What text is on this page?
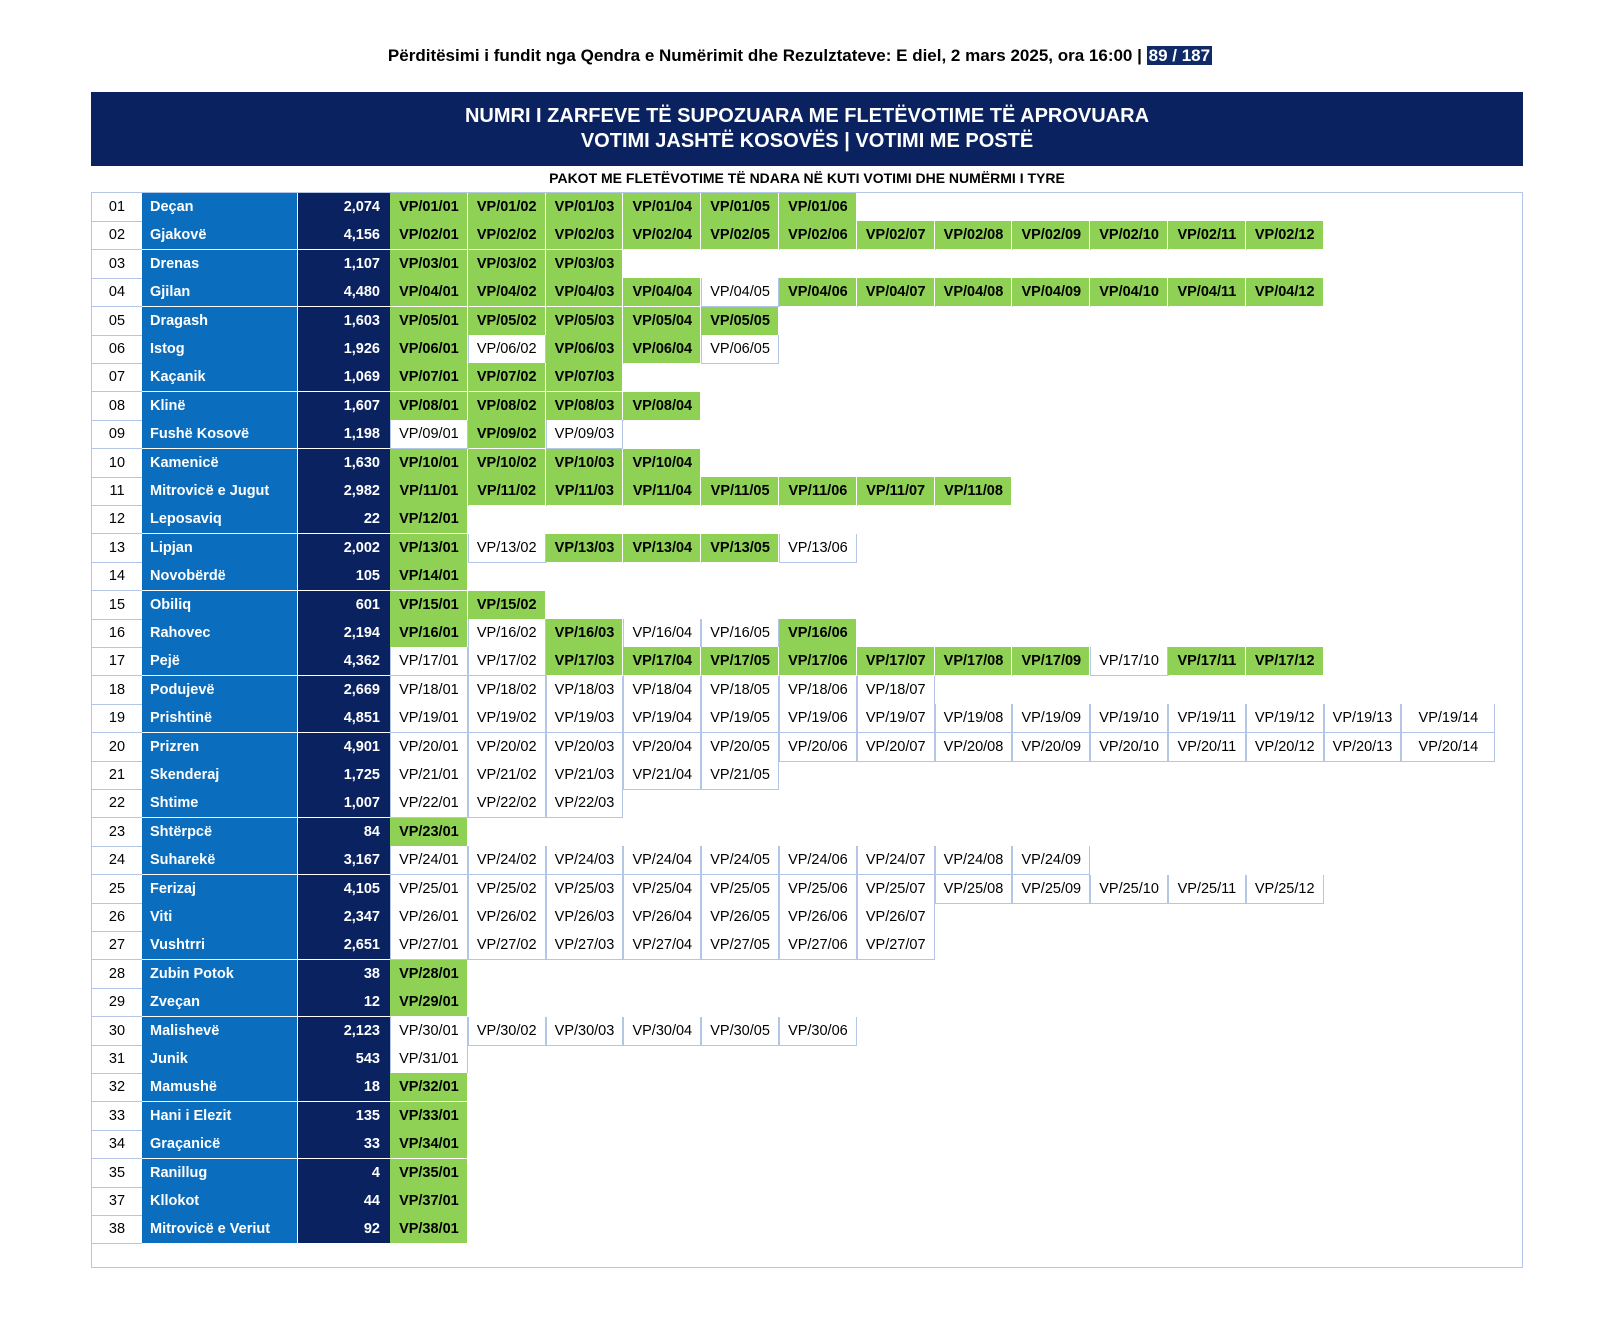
Përditësimi i fundit nga Qendra e Numërimit dhe Rezulztateve: E diel, 2 mars 2025, ora 16:00 | 89 / 187
NUMRI I ZARFEVE TË SUPOZUARA ME FLETËVOTIME TË APROVUARA
VOTIMI JASHTË KOSOVËS | VOTIMI ME POSTË
PAKOT ME FLETËVOTIME TË NDARA NË KUTI VOTIMI DHE NUMËRMI I TYRE
01	Deçan	2,074	VP/01/01	VP/01/02	VP/01/03	VP/01/04	VP/01/05	VP/01/06
02	Gjakovë	4,156	VP/02/01	VP/02/02	VP/02/03	VP/02/04	VP/02/05	VP/02/06	VP/02/07	VP/02/08	VP/02/09	VP/02/10	VP/02/11	VP/02/12
03	Drenas	1,107	VP/03/01	VP/03/02	VP/03/03
04	Gjilan	4,480	VP/04/01	VP/04/02	VP/04/03	VP/04/04	VP/04/05	VP/04/06	VP/04/07	VP/04/08	VP/04/09	VP/04/10	VP/04/11	VP/04/12
05	Dragash	1,603	VP/05/01	VP/05/02	VP/05/03	VP/05/04	VP/05/05
06	Istog	1,926	VP/06/01	VP/06/02	VP/06/03	VP/06/04	VP/06/05
07	Kaçanik	1,069	VP/07/01	VP/07/02	VP/07/03
08	Klinë	1,607	VP/08/01	VP/08/02	VP/08/03	VP/08/04
09	Fushë Kosovë	1,198	VP/09/01	VP/09/02	VP/09/03
10	Kamenicë	1,630	VP/10/01	VP/10/02	VP/10/03	VP/10/04
11	Mitrovicë e Jugut	2,982	VP/11/01	VP/11/02	VP/11/03	VP/11/04	VP/11/05	VP/11/06	VP/11/07	VP/11/08
12	Leposaviq	22	VP/12/01
13	Lipjan	2,002	VP/13/01	VP/13/02	VP/13/03	VP/13/04	VP/13/05	VP/13/06
14	Novobërdë	105	VP/14/01
15	Obiliq	601	VP/15/01	VP/15/02
16	Rahovec	2,194	VP/16/01	VP/16/02	VP/16/03	VP/16/04	VP/16/05	VP/16/06
17	Pejë	4,362	VP/17/01	VP/17/02	VP/17/03	VP/17/04	VP/17/05	VP/17/06	VP/17/07	VP/17/08	VP/17/09	VP/17/10	VP/17/11	VP/17/12
18	Podujevë	2,669	VP/18/01	VP/18/02	VP/18/03	VP/18/04	VP/18/05	VP/18/06	VP/18/07
19	Prishtinë	4,851	VP/19/01	VP/19/02	VP/19/03	VP/19/04	VP/19/05	VP/19/06	VP/19/07	VP/19/08	VP/19/09	VP/19/10	VP/19/11	VP/19/12	VP/19/13	VP/19/14
20	Prizren	4,901	VP/20/01	VP/20/02	VP/20/03	VP/20/04	VP/20/05	VP/20/06	VP/20/07	VP/20/08	VP/20/09	VP/20/10	VP/20/11	VP/20/12	VP/20/13	VP/20/14
21	Skenderaj	1,725	VP/21/01	VP/21/02	VP/21/03	VP/21/04	VP/21/05
22	Shtime	1,007	VP/22/01	VP/22/02	VP/22/03
23	Shtërpcë	84	VP/23/01
24	Suharekë	3,167	VP/24/01	VP/24/02	VP/24/03	VP/24/04	VP/24/05	VP/24/06	VP/24/07	VP/24/08	VP/24/09
25	Ferizaj	4,105	VP/25/01	VP/25/02	VP/25/03	VP/25/04	VP/25/05	VP/25/06	VP/25/07	VP/25/08	VP/25/09	VP/25/10	VP/25/11	VP/25/12
26	Viti	2,347	VP/26/01	VP/26/02	VP/26/03	VP/26/04	VP/26/05	VP/26/06	VP/26/07
27	Vushtrri	2,651	VP/27/01	VP/27/02	VP/27/03	VP/27/04	VP/27/05	VP/27/06	VP/27/07
28	Zubin Potok	38	VP/28/01
29	Zveçan	12	VP/29/01
30	Malishevë	2,123	VP/30/01	VP/30/02	VP/30/03	VP/30/04	VP/30/05	VP/30/06
31	Junik	543	VP/31/01
32	Mamushë	18	VP/32/01
33	Hani i Elezit	135	VP/33/01
34	Graçanicë	33	VP/34/01
35	Ranillug	4	VP/35/01
37	Kllokot	44	VP/37/01
38	Mitrovicë e Veriut	92	VP/38/01
